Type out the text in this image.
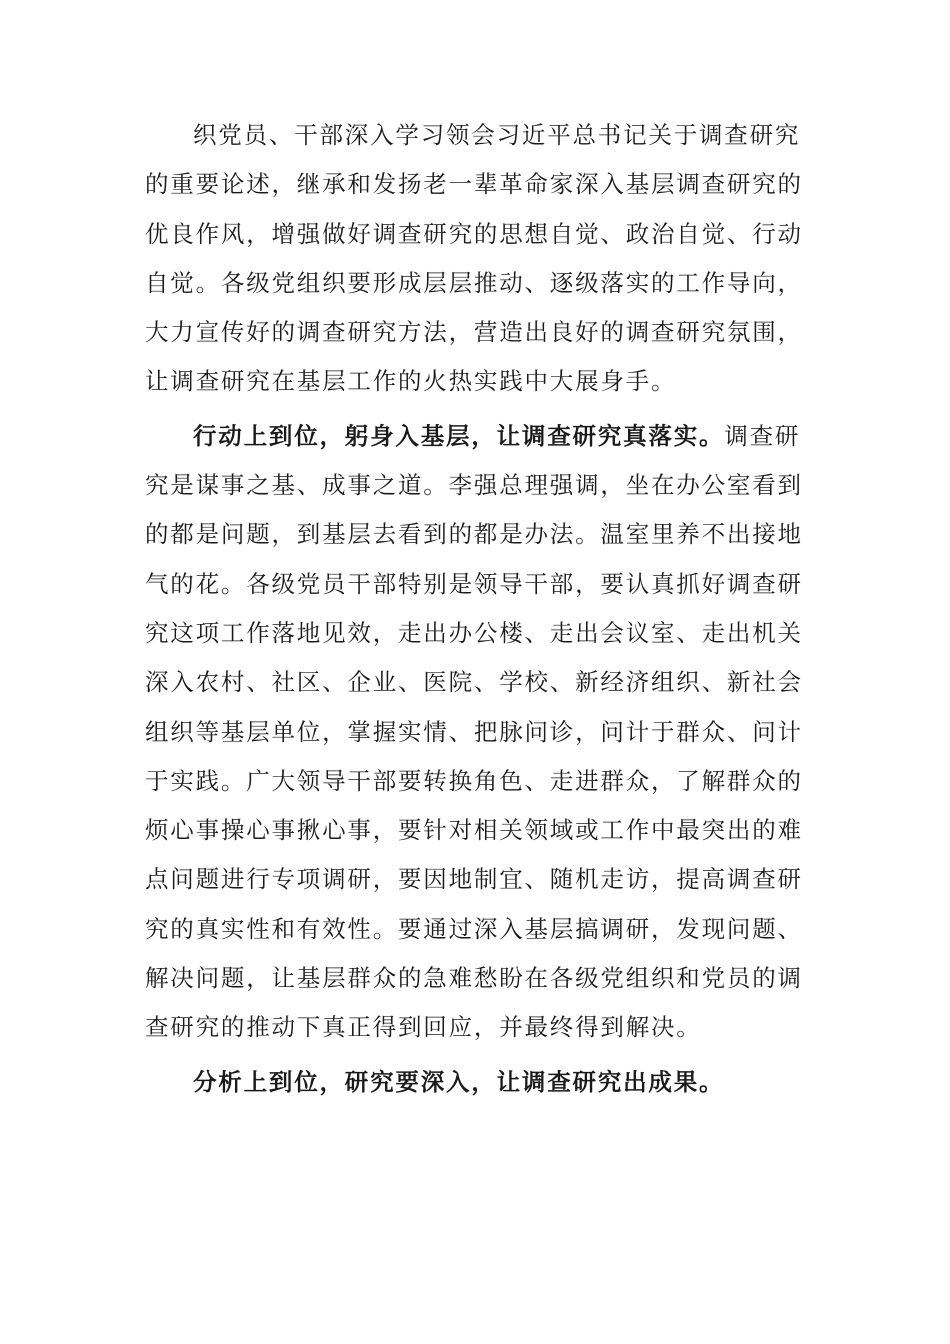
织党员、干部深入学习领会习近平总书记关于调查研究
的重要论述，继承和发扬老一辈革命家深入基层调查研究的
优良作风，增强做好调查研究的思想自觉、政治自觉、行动
自觉。各级党组织要形成层层推动、逐级落实的工作导向，
大力宣传好的调查研究方法，营造出良好的调查研究氛围，
让调查研究在基层工作的火热实践中大展身手。
行动上到位，躬身入基层，让调查研究真落实。调查研
究是谋事之基、成事之道。李强总理强调，坐在办公室看到
的都是问题，到基层去看到的都是办法。温室里养不出接地
气的花。各级党员干部特别是领导干部，要认真抓好调查研
究这项工作落地见效，走出办公楼、走出会议室、走出机关
深入农村、社区、企业、医院、学校、新经济组织、新社会
组织等基层单位，掌握实情、把脉问诊，问计于群众、问计
于实践。广大领导干部要转换角色、走进群众，了解群众的
烦心事操心事揪心事，要针对相关领域或工作中最突出的难
点问题进行专项调研，要因地制宜、随机走访，提高调查研
究的真实性和有效性。要通过深入基层搞调研，发现问题、
解决问题，让基层群众的急难愁盼在各级党组织和党员的调
查研究的推动下真正得到回应，并最终得到解决。
分析上到位，研究要深入，让调查研究出成果。
